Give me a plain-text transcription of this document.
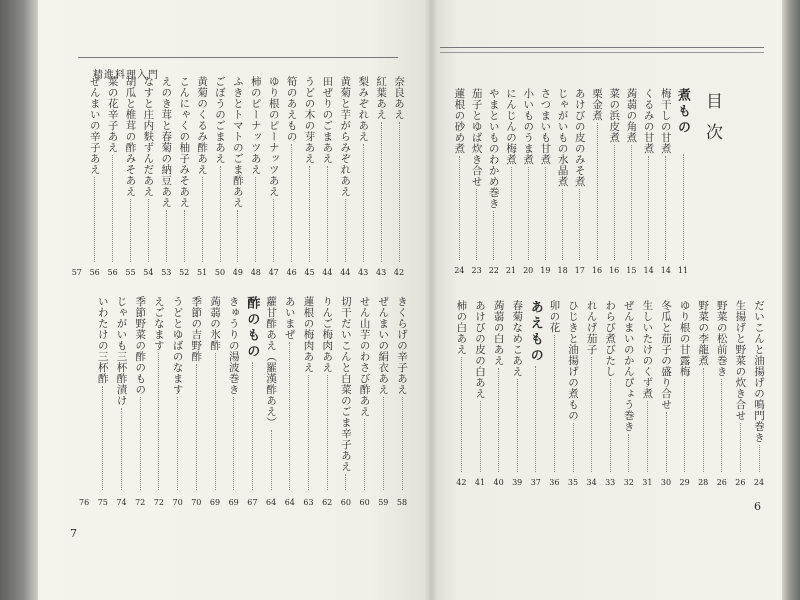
精進料理入門
目次
7
6
煮もの
11
梅干しの甘煮
14
くるみの甘煮
14
蒟蒻の角煮
15
菜の浜皮煮
16
栗金煮
16
あけびの皮のみそ煮
17
じゃがいもの水晶煮
18
さつまいも甘煮
19
小いものうま煮
20
にんじんの梅煮
21
やまといものわかめ巻き
22
茄子とゆば炊き合せ
23
蓮根の砂め煮
24
だいこんと油揚げの鳴門巻き
24
生揚げと野菜の炊き合せ
26
野菜の松前巻き
26
野菜の李龍煮
28
ゆり根の甘露梅
29
冬瓜と茄子の盛り合せ
30
生しいたけのくず煮
31
ぜんまいのかんぴょう巻き
32
わらび煮びたし
33
れんげ茄子
34
ひじきと油揚げの煮もの
35
卯の花
36
あえもの
37
春菊なめこあえ
39
蒟蒻の白あえ
40
あけびの皮の白あえ
41
柿の白あえ
42
奈良あえ
42
紅葉あえ
43
梨みぞれあえ
43
黄菊と芋がらみぞれあえ
44
田ぜりのごまあえ
44
うどの木の芽あえ
45
筍のあえもの
46
ゆり根のピーナッツあえ
47
柿のピーナッツあえ
48
ふきとトマトのごま酢あえ
49
ごぼうのごまあえ
50
黄菊のくるみ酢あえ
51
こんにゃくの柚子みそあえ
52
えのき茸と春菊の納豆あえ
53
なすと庄内麩ずんだあえ
54
胡瓜と椎茸の酢みそあえ
55
菜の花辛子あえ
56
ぜんまいの辛子あえ
56
57
きくらげの辛子あえ
58
ぜんまいの絹衣あえ
59
せん山芋のわさび酢あえ
60
切干だいこんと白菜のごま辛子あえ
60
りんご梅肉あえ
62
蓮根の梅肉あえ
63
あいまぜ
64
蘿甘酢あえ（羅漢酢あえ）
64
酢のもの
67
きゅうりの湯波巻き
69
蒟蒻の氷酢
69
季節の吉野酢
70
うどとゆばのなます
70
えごなます
72
季節野菜の酢のもの
72
じゃがいも三杯酢漬け
74
いわたけの三杯酢
75
76
